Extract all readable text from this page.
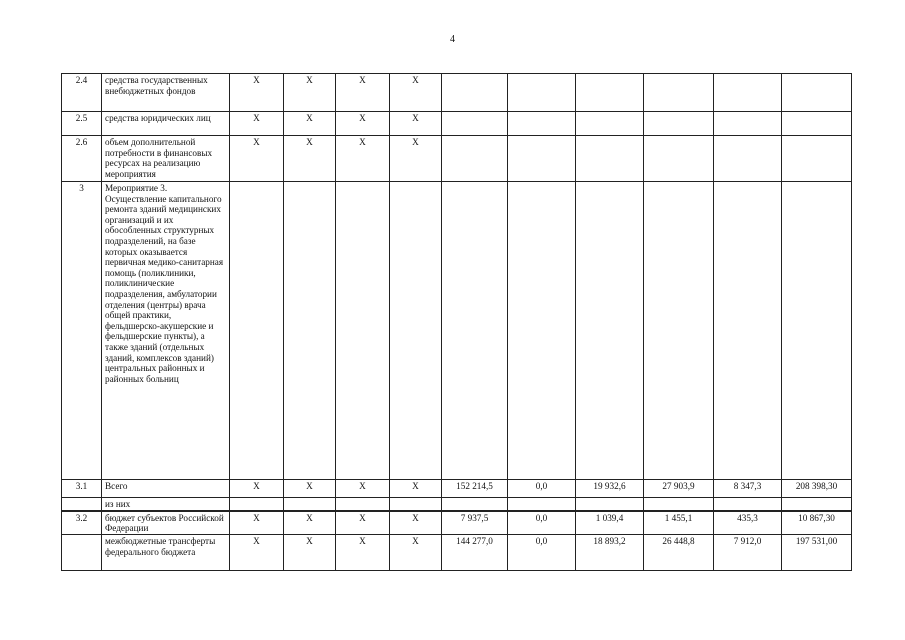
4
2.4	средства государственных внебюджетных фондов	Х	Х	Х	Х						
2.5	средства юридических лиц	Х	Х	Х	Х						
2.6	объем дополнительной потребности в финансовых ресурсах на реализацию мероприятия	Х	Х	Х	Х						
3	Мероприятие 3. Осуществление капитального ремонта зданий медицинских организаций и их обособленных структурных подразделений, на базе которых оказывается первичная медико-санитарная помощь (поликлиники, поликлинические подразделения, амбулатории отделения (центры) врача общей практики, фельдшерско-акушерские и фельдшерские пункты), а также зданий (отдельных зданий, комплексов зданий) центральных районных и районных больниц										
3.1	Всего	Х	Х	Х	Х	152 214,5	0,0	19 932,6	27 903,9	8 347,3	208 398,30
	из них										
3.2	бюджет субъектов Российской Федерации	Х	Х	Х	Х	7 937,5	0,0	1 039,4	1 455,1	435,3	10 867,30
	межбюджетные трансферты федерального бюджета	Х	Х	Х	Х	144 277,0	0,0	18 893,2	26 448,8	7 912,0	197 531,00
